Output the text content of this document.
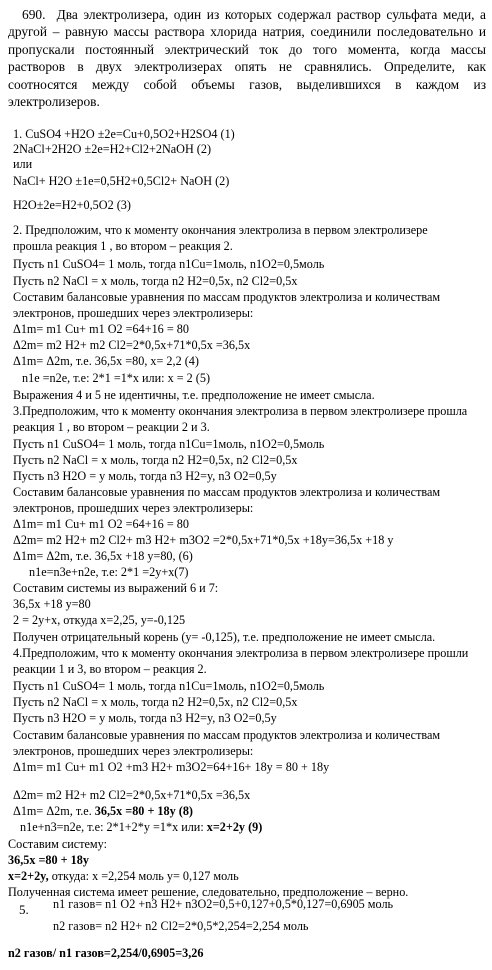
690. Два электролизера, один из которых содержал раствор сульфата меди, а другой – равную массы раствора хлорида натрия, соединили последовательно и пропускали постоянный электрический ток до того момента, когда массы растворов в двух электролизерах опять не сравнялись. Определите, как соотносятся между собой объемы газов, выделившихся в каждом из электролизеров.

1. CuSO4 +H2O ±2e=Cu+0,5O2+H2SO4 (1)
2NaCl+2H2O ±2e=H2+Cl2+2NaOH (2)
или
NaCl+ H2O ±1e=0,5H2+0,5Cl2+ NaOH (2)
H2O±2e=H2+0,5O2 (3)
2. Предположим, что к моменту окончания электролиза в первом электролизере
прошла реакция 1 , во втором – реакция 2.
Пусть n1 CuSO4= 1 моль, тогда n1Cu=1моль, n1O2=0,5моль
Пусть n2 NaCl = x моль, тогда n2 H2=0,5x, n2 Cl2=0,5x
Составим балансовые уравнения по массам продуктов электролиза и количествам
электронов, прошедших через электролизеры:
Δ1m= m1 Cu+ m1 O2 =64+16 = 80
Δ2m= m2 H2+ m2 Cl2=2*0,5x+71*0,5x =36,5x
Δ1m= Δ2m, т.е. 36,5x =80, x= 2,2 (4)
n1e =n2e, т.е: 2*1 =1*x или: x = 2 (5)
Выражения 4 и 5 не идентичны, т.е. предположение не имеет смысла.
3.Предположим, что к моменту окончания электролиза в первом электролизере прошла
реакция 1 , во втором – реакции 2 и 3.
Пусть n1 CuSO4= 1 моль, тогда n1Cu=1моль, n1O2=0,5моль
Пусть n2 NaCl = x моль, тогда n2 H2=0,5x, n2 Cl2=0,5x
Пусть n3 H2O = y моль, тогда n3 H2=y, n3 O2=0,5y
Составим балансовые уравнения по массам продуктов электролиза и количествам
электронов, прошедших через электролизеры:
Δ1m= m1 Cu+ m1 O2 =64+16 = 80
Δ2m= m2 H2+ m2 Cl2+ m3 H2+ m3O2 =2*0,5x+71*0,5x +18y=36,5x +18 y
Δ1m= Δ2m, т.е. 36,5x +18 y=80, (6)
n1e=n3e+n2e, т.е: 2*1 =2y+x(7)
Составим системы из выражений 6 и 7:
36,5x +18 y=80
2 = 2y+x, откуда x=2,25, y=-0,125
Получен отрицательный корень (y= -0,125), т.е. предположение не имеет смысла.
4.Предположим, что к моменту окончания электролиза в первом электролизере прошли
реакции 1 и 3, во втором – реакция 2.
Пусть n1 CuSO4= 1 моль, тогда n1Cu=1моль, n1O2=0,5моль
Пусть n2 NaCl = x моль, тогда n2 H2=0,5x, n2 Cl2=0,5x
Пусть n3 H2O = y моль, тогда n3 H2=y, n3 O2=0,5y
Составим балансовые уравнения по массам продуктов электролиза и количествам
электронов, прошедших через электролизеры:
Δ1m= m1 Cu+ m1 O2 +m3 H2+ m3O2=64+16+ 18y = 80 + 18y
Δ2m= m2 H2+ m2 Cl2=2*0,5x+71*0,5x =36,5x
Δ1m= Δ2m, т.е. 36,5x =80 + 18y (8)
n1e+n3=n2e, т.е: 2*1+2*y =1*x или: x=2+2y (9)
Составим систему:
36,5x =80 + 18y
x=2+2y, откуда: x =2,254 моль y= 0,127 моль
Полученная система имеет решение, следовательно, предположение – верно.
5. n1 газов= n1 O2 +n3 H2+ n3O2=0,5+0,127+0,5*0,127=0,6905 моль
n2 газов= n2 H2+ n2 Cl2=2*0,5*2,254=2,254 моль
n2 газов/ n1 газов=2,254/0,6905=3,26
